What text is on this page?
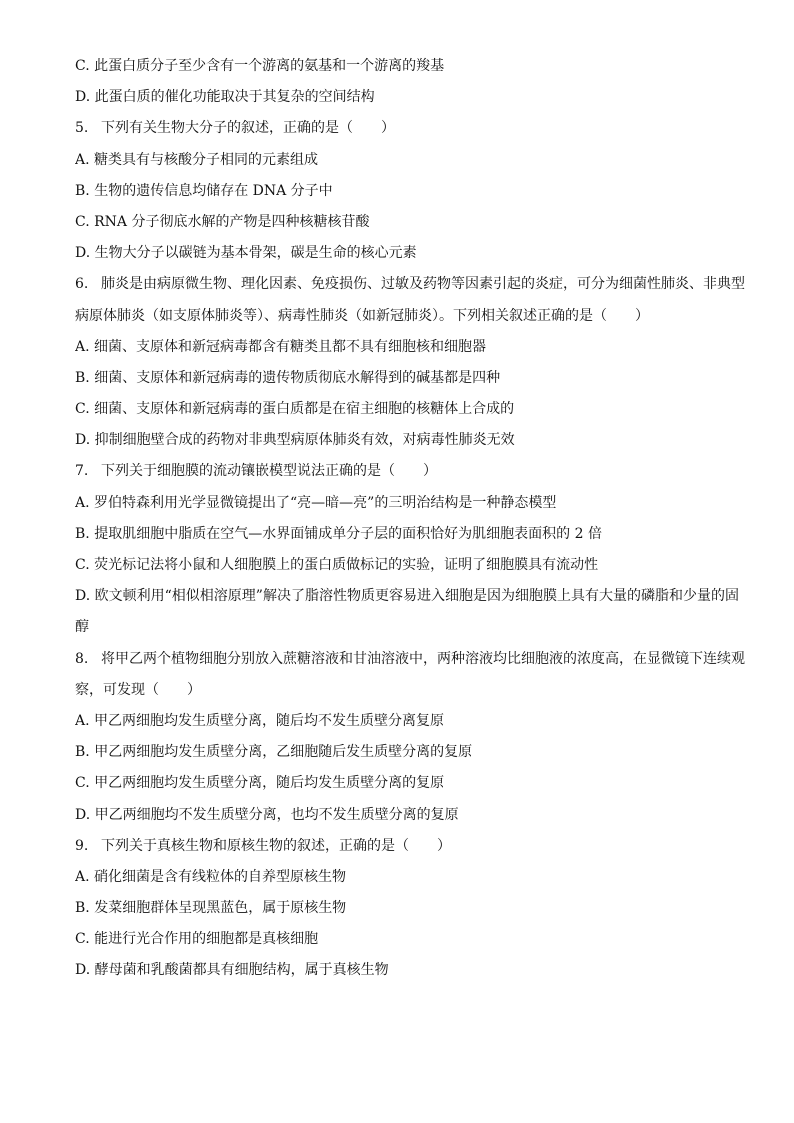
C. 此蛋白质分子至少含有一个游离的氨基和一个游离的羧基
D. 此蛋白质的催化功能取决于其复杂的空间结构
5. 下列有关生物大分子的叙述，正确的是（　　）
A. 糖类具有与核酸分子相同的元素组成
B. 生物的遗传信息均储存在 DNA 分子中
C. RNA 分子彻底水解的产物是四种核糖核苷酸
D. 生物大分子以碳链为基本骨架，碳是生命的核心元素
6. 肺炎是由病原微生物、理化因素、免疫损伤、过敏及药物等因素引起的炎症，可分为细菌性肺炎、非典型
病原体肺炎（如支原体肺炎等）、病毒性肺炎（如新冠肺炎）。下列相关叙述正确的是（　　）
A. 细菌、支原体和新冠病毒都含有糖类且都不具有细胞核和细胞器
B. 细菌、支原体和新冠病毒的遗传物质彻底水解得到的碱基都是四种
C. 细菌、支原体和新冠病毒的蛋白质都是在宿主细胞的核糖体上合成的
D. 抑制细胞壁合成的药物对非典型病原体肺炎有效，对病毒性肺炎无效
7. 下列关于细胞膜的流动镶嵌模型说法正确的是（　　）
A. 罗伯特森利用光学显微镜提出了“亮—暗—亮”的三明治结构是一种静态模型
B. 提取肌细胞中脂质在空气—水界面铺成单分子层的面积恰好为肌细胞表面积的 2 倍
C. 荧光标记法将小鼠和人细胞膜上的蛋白质做标记的实验，证明了细胞膜具有流动性
D. 欧文顿利用“相似相溶原理”解决了脂溶性物质更容易进入细胞是因为细胞膜上具有大量的磷脂和少量的固
醇
8. 将甲乙两个植物细胞分别放入蔗糖溶液和甘油溶液中，两种溶液均比细胞液的浓度高，在显微镜下连续观
察，可发现（　　）
A. 甲乙两细胞均发生质壁分离，随后均不发生质壁分离复原
B. 甲乙两细胞均发生质壁分离，乙细胞随后发生质壁分离的复原
C. 甲乙两细胞均发生质壁分离，随后均发生质壁分离的复原
D. 甲乙两细胞均不发生质壁分离，也均不发生质壁分离的复原
9. 下列关于真核生物和原核生物的叙述，正确的是（　　）
A. 硝化细菌是含有线粒体的自养型原核生物
B. 发菜细胞群体呈现黑蓝色，属于原核生物
C. 能进行光合作用的细胞都是真核细胞
D. 酵母菌和乳酸菌都具有细胞结构，属于真核生物
